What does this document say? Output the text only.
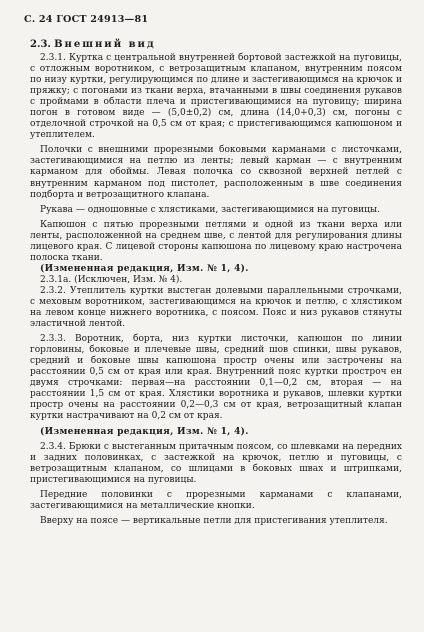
С. 24 ГОСТ 24913—81
2.3. Внешний вид

2.3.1. Куртка с центральной внутренней бортовой застежкой на пуговицы, с отложным воротником, с ветрозащитным клапаном, внутренним поясом по низу куртки, регулирующимся по длине и застегивающимся на крючок и пряжку; с погонами из ткани верха, втачанными в швы соединения рукавов с проймами в области плеча и пристегивающимися на пуговицу; ширина погон в готовом виде — (5,0±0,2) см, длина (14,0+0,3) см, погоны с отделочной строчкой на 0,5 см от края; с пристегивающимся капюшоном и утеплителем.

Полочки с внешними прорезными боковыми карманами с листочками, застегивающимися на петлю из ленты; левый карман — с внутренним карманом для обоймы. Левая полочка со сквозной верхней петлей с внутренним карманом под пистолет, расположенным в шве соединения подборта и ветрозащитного клапана.

Рукава — одношовные с хлястиками, застегивающимися на пуговицы.

Капюшон с пятью прорезными петлями и одной из ткани верха или ленты, расположенной на среднем шве, с лентой для регулирования длины лицевого края. С лицевой стороны капюшона по лицевому краю настрочена полоска ткани.

(Измененная редакция, Изм. № 1, 4).

2.3.1а. (Исключен, Изм. № 4).

2.3.2. Утеплитель куртки выстеган долевыми параллельными строчками, с меховым воротником, застегивающимся на крючок и петлю, с хлястиком на левом конце нижнего воротника, с поясом. Пояс и низ рукавов стянуты эластичной лентой.

2.3.3. Воротник, борта, низ куртки листочки, капюшон по линии горловины, боковые и плечевые швы, средний шов спинки, швы рукавов, средний и боковые швы капюшона простр очены или застрочены на расстоянии 0,5 см от края или края. Внутренний пояс куртки простроч ен двумя строчками: первая—на расстоянии 0,1—0,2 см, вторая — на расстоянии 1,5 см от края. Хлястики воротника и рукавов, шлевки куртки простр очены на расстоянии 0,2—0,3 см от края, ветрозащитный клапан куртки настрачивают на 0,2 см от края.

(Измененная редакция, Изм. № 1, 4).

2.3.4. Брюки с выстеганным притачным поясом, со шлевками на передних и задних половинках, с застежкой на крючок, петлю и пуговицы, с ветрозащитным клапаном, со шлицами в боковых швах и штрипками, пристегивающимися на пуговицы.

Передние половинки с прорезными карманами с клапанами, застегивающимися на металлические кнопки.

Вверху на поясе — вертикальные петли для пристегивания утеплителя.
